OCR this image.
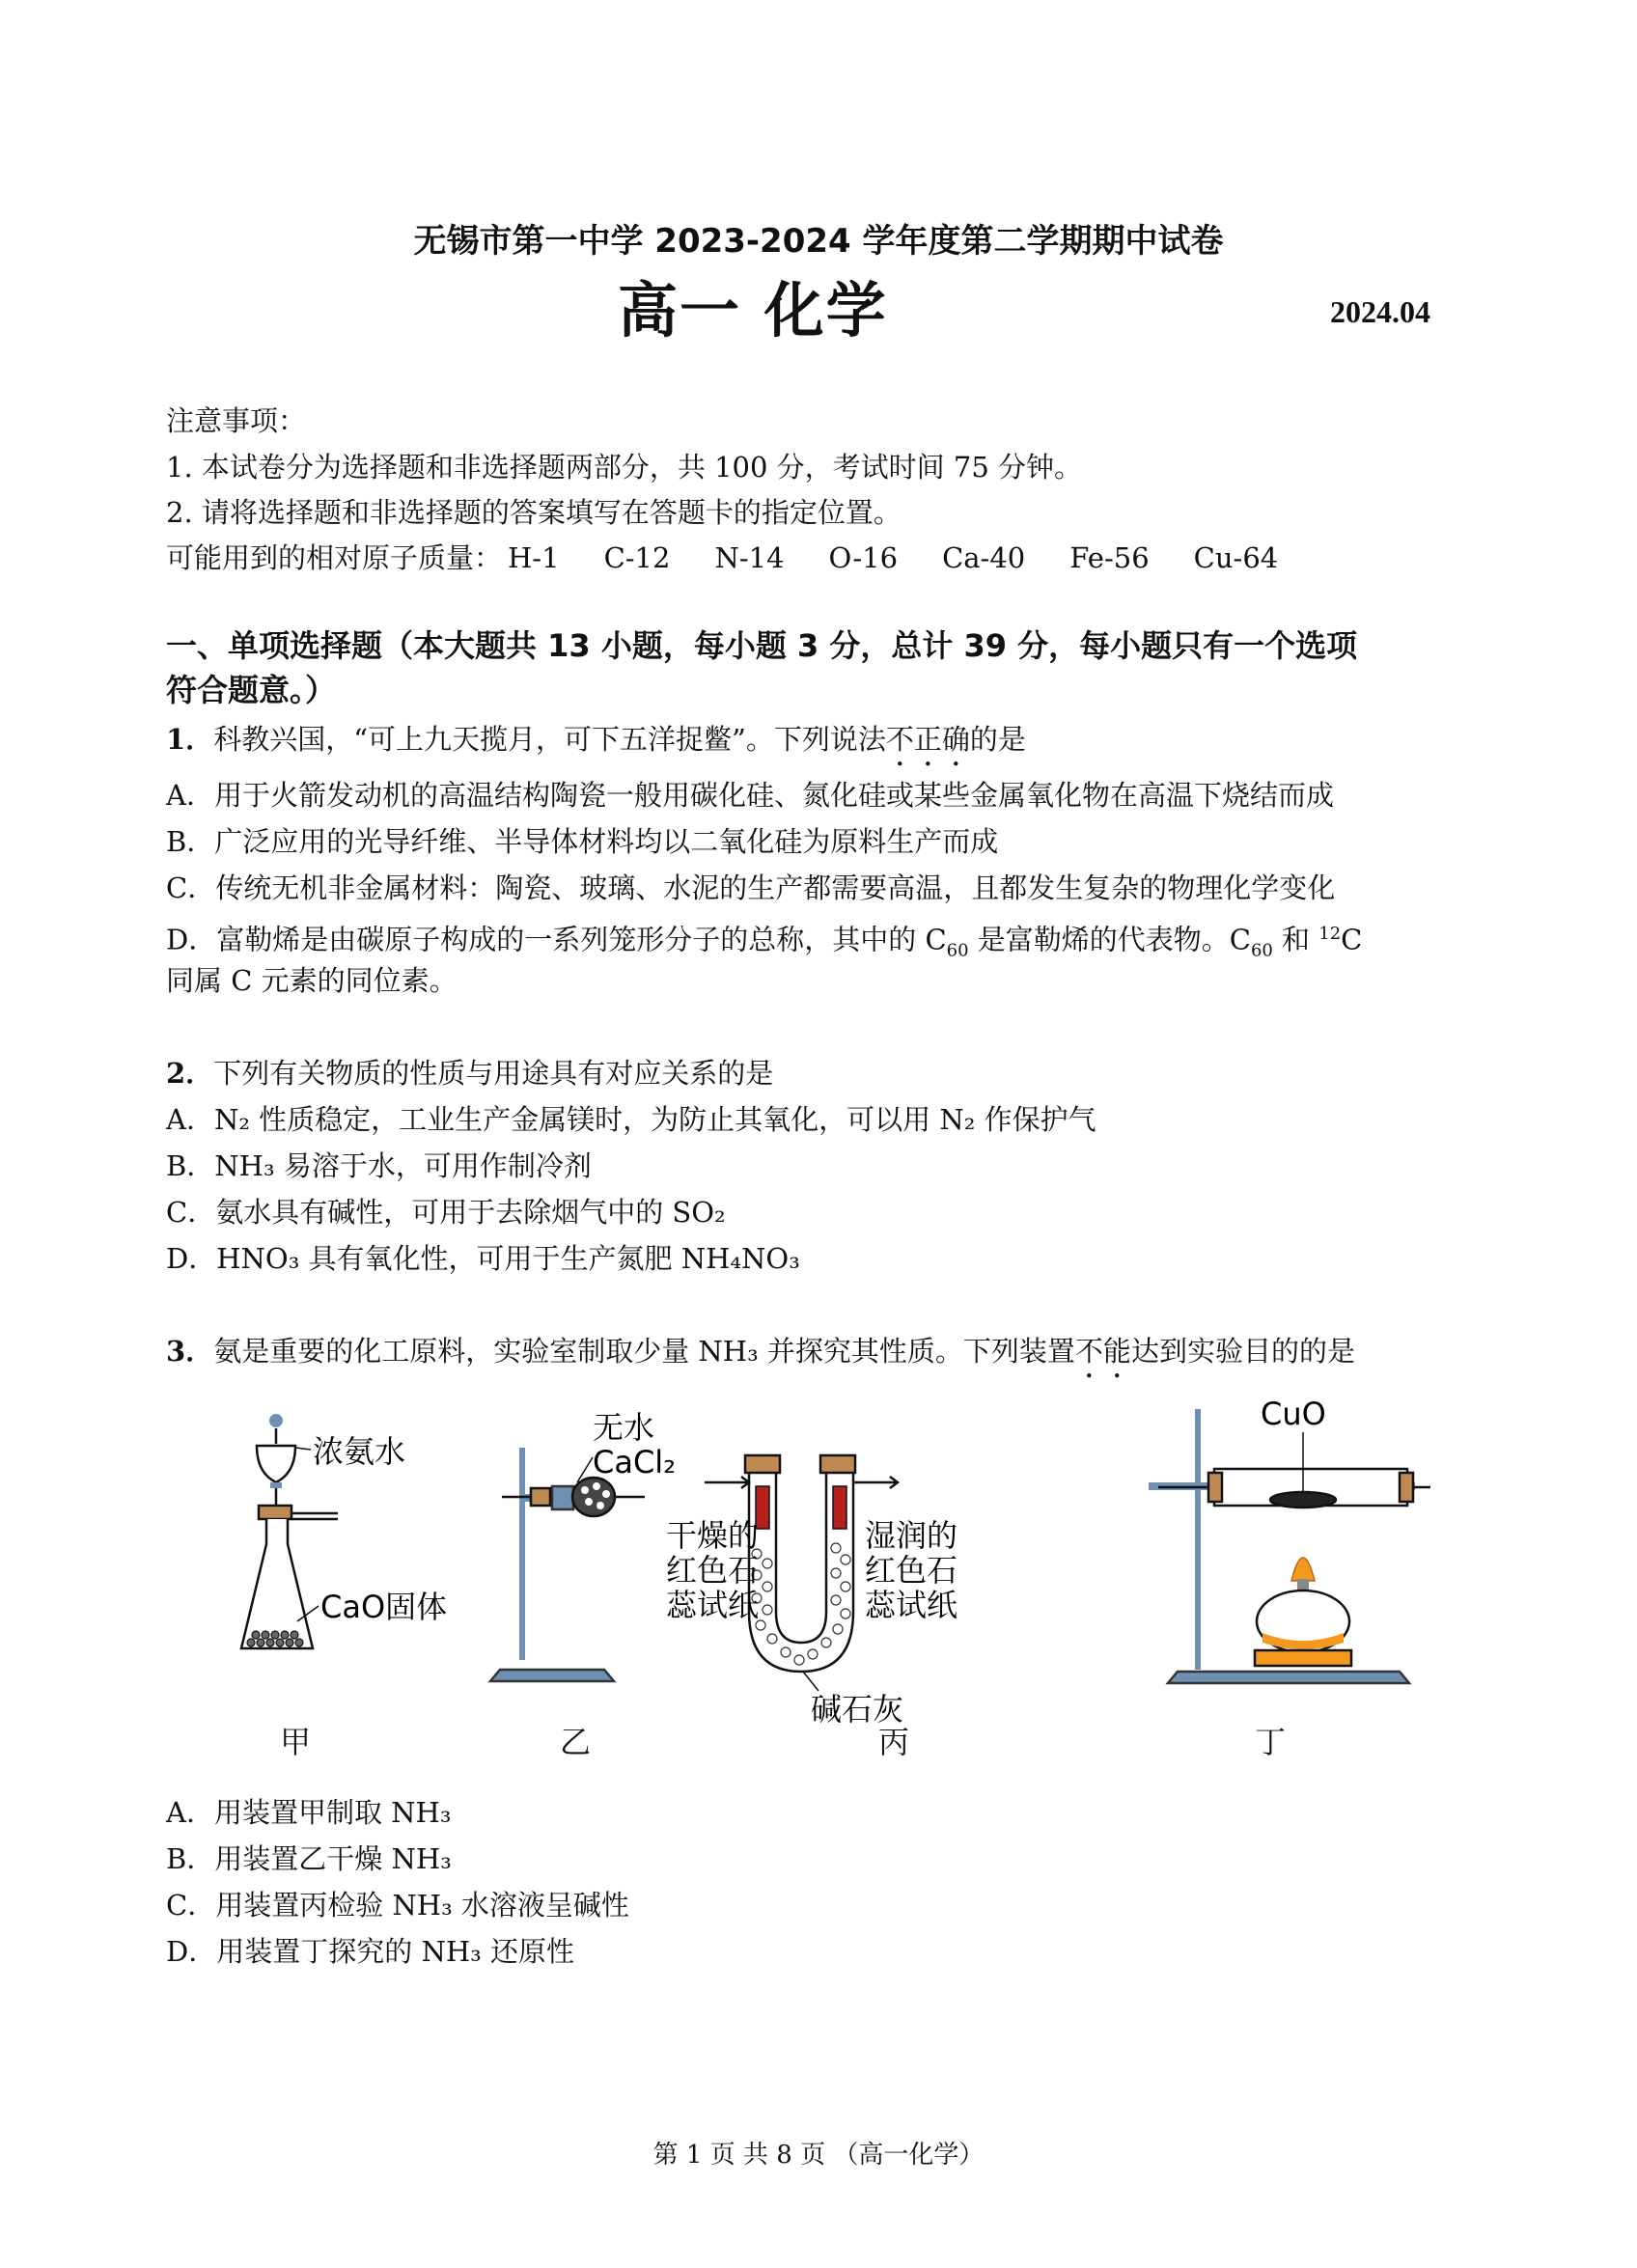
无锡市第一中学 2023-2024 学年度第二学期期中试卷
高一 化学	2024.04
注意事项：
1. 本试卷分为选择题和非选择题两部分，共 100 分，考试时间 75 分钟。
2. 请将选择题和非选择题的答案填写在答题卡的指定位置。
可能用到的相对原子质量： H-1 C-12 N-14 O-16 Ca-40 Fe-56 Cu-64
一、单项选择题（本大题共 13 小题，每小题 3 分，总计 39 分，每小题只有一个选项
符合题意。）
1．科教兴国，“可上九天揽月，可下五洋捉鳖”。下列说法不正确的是
A．用于火箭发动机的高温结构陶瓷一般用碳化硅、氮化硅或某些金属氧化物在高温下烧结而成
B．广泛应用的光导纤维、半导体材料均以二氧化硅为原料生产而成
C．传统无机非金属材料：陶瓷、玻璃、水泥的生产都需要高温，且都发生复杂的物理化学变化
D．富勒烯是由碳原子构成的一系列笼形分子的总称，其中的 $C_{60}$ 是富勒烯的代表物。$C_{60}$ 和 $^{12}$C
同属 C 元素的同位素。
2．下列有关物质的性质与用途具有对应关系的是
A．N₂ 性质稳定，工业生产金属镁时，为防止其氧化，可以用 N₂ 作保护气
B．NH₃ 易溶于水，可用作制冷剂
C．氨水具有碱性，可用于去除烟气中的 SO₂
D．HNO₃ 具有氧化性，可用于生产氮肥 NH₄NO₃
3．氨是重要的化工原料，实验室制取少量 NH₃ 并探究其性质。下列装置不能达到实验目的的是
浓氨水
CaO固体
无水
CaCl₂
干燥的
红色石
蕊试纸
湿润的
红色石
蕊试纸
碱石灰
CuO
甲	乙	丙	丁
A．用装置甲制取 NH₃
B．用装置乙干燥 NH₃
C．用装置丙检验 NH₃ 水溶液呈碱性
D．用装置丁探究的 NH₃ 还原性
第 1 页 共 8 页 （高一化学）
